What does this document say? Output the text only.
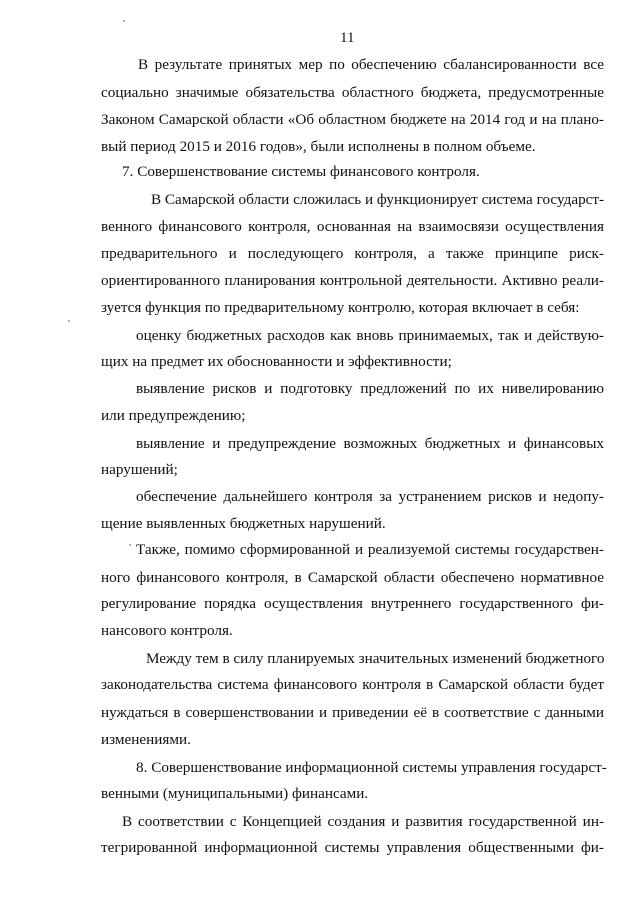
11
В результате принятых мер по обеспечению сбалансированности все
социально значимые обязательства областного бюджета, предусмотренные
Законом Самарской области «Об областном бюджете на 2014 год и на плано-
вый период 2015 и 2016 годов», были исполнены в полном объеме.
7. Совершенствование системы финансового контроля.
В Самарской области сложилась и функционирует система государст-
венного финансового контроля, основанная на взаимосвязи осуществления
предварительного и последующего контроля, а также принципе риск-
ориентированного планирования контрольной деятельности. Активно реали-
зуется функция по предварительному контролю, которая включает в себя:
оценку бюджетных расходов как вновь принимаемых, так и действую-
щих на предмет их обоснованности и эффективности;
выявление рисков и подготовку предложений по их нивелированию
или предупреждению;
выявление и предупреждение возможных бюджетных и финансовых
нарушений;
обеспечение дальнейшего контроля за устранением рисков и недопу-
щение выявленных бюджетных нарушений.
Также, помимо сформированной и реализуемой системы государствен-
ного финансового контроля, в Самарской области обеспечено нормативное
регулирование порядка осуществления внутреннего государственного фи-
нансового контроля.
Между тем в силу планируемых значительных изменений бюджетного
законодательства система финансового контроля в Самарской области будет
нуждаться в совершенствовании и приведении её в соответствие с данными
изменениями.
8. Совершенствование информационной системы управления государст-
венными (муниципальными) финансами.
В соответствии с Концепцией создания и развития государственной ин-
тегрированной информационной системы управления общественными фи-
